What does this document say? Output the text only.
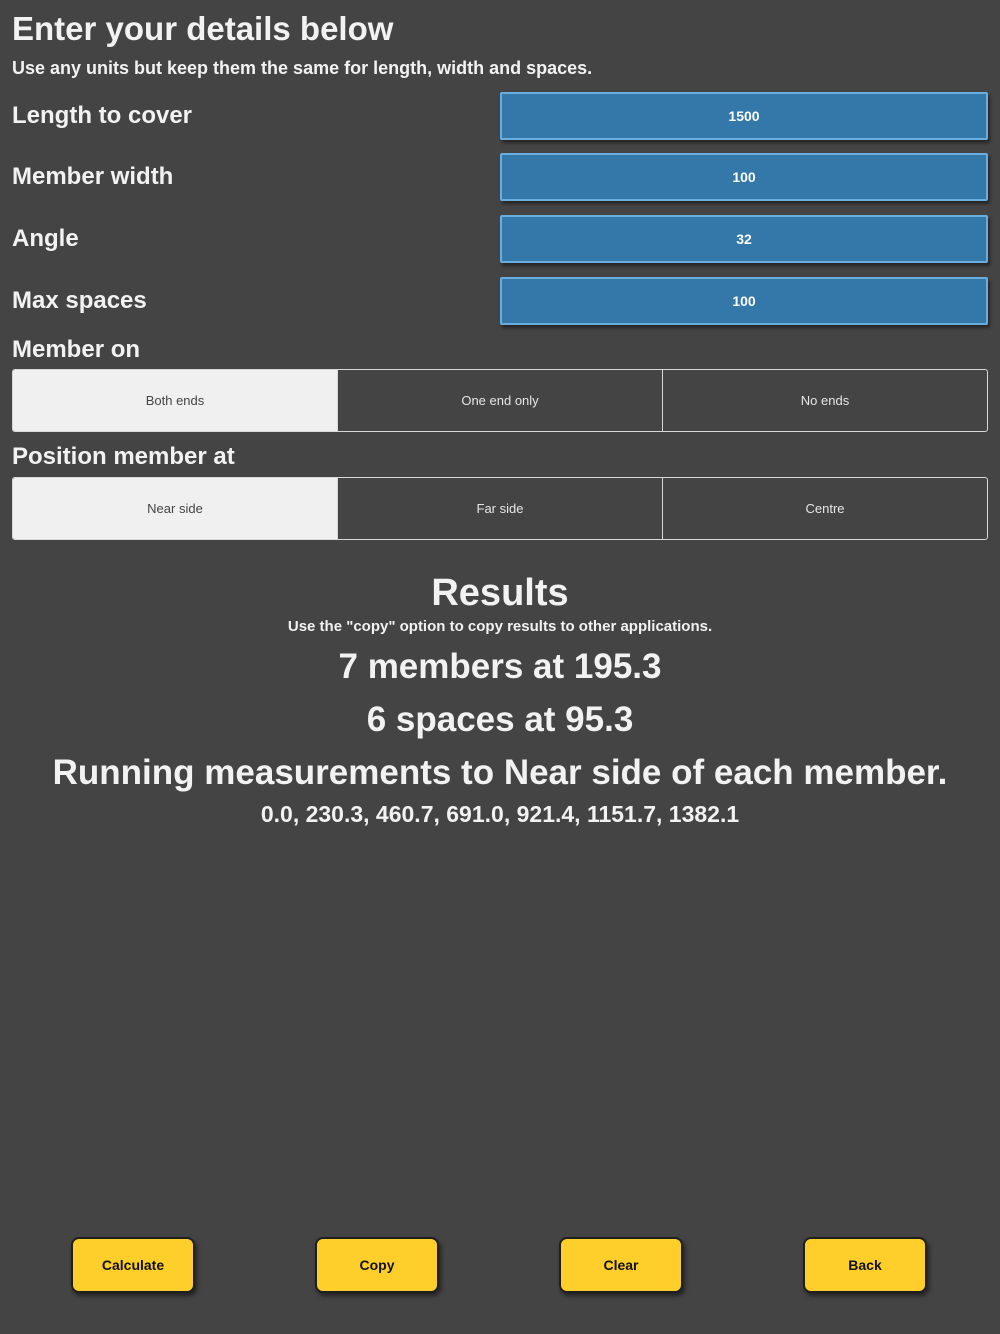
Enter your details below
Use any units but keep them the same for length, width and spaces.
Length to cover
1500
Member width
100
Angle
32
Max spaces
100
Member on
Both ends	One end only	No ends
Position member at
Near side	Far side	Centre
Results
Use the "copy" option to copy results to other applications.
7 members at 195.3
6 spaces at 95.3
Running measurements to Near side of each member.
0.0, 230.3, 460.7, 691.0, 921.4, 1151.7, 1382.1
Calculate	Copy	Clear	Back
